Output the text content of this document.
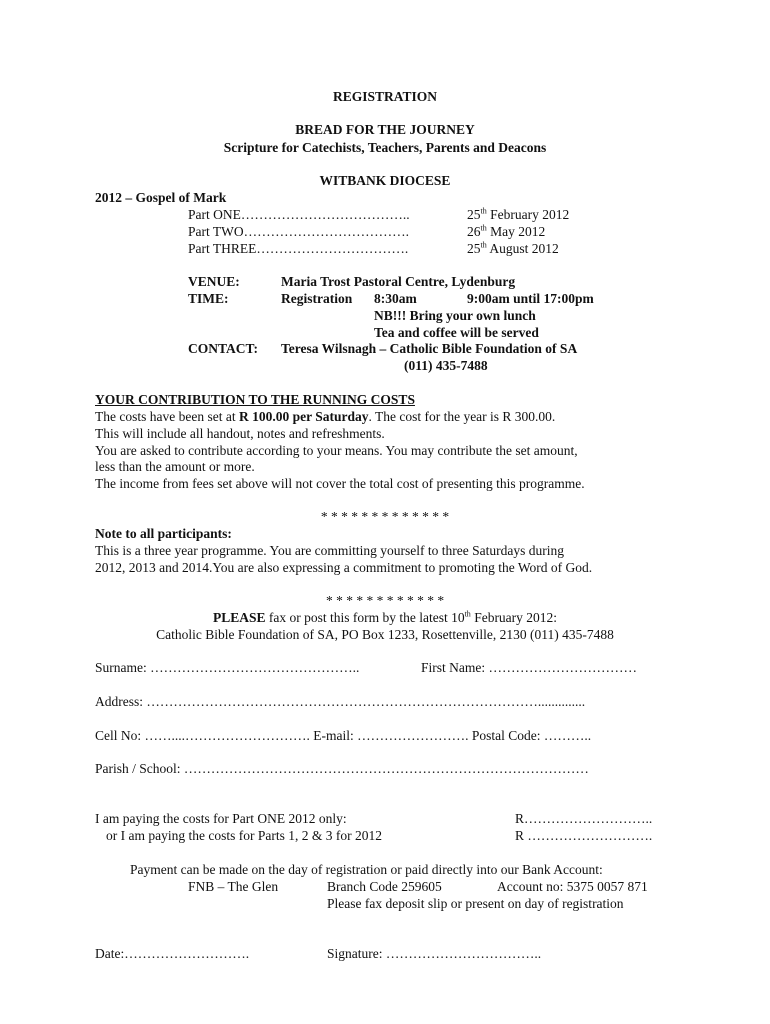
REGISTRATION
BREAD FOR THE JOURNEY
Scripture for Catechists, Teachers, Parents and Deacons
WITBANK DIOCESE
2012 – Gospel of Mark
Part ONE………………………………..	25th February 2012
Part TWO……………………………….	26th May 2012
Part THREE…………………………….	25th August 2012
VENUE:	Maria Trost Pastoral Centre, Lydenburg
TIME:	Registration 8:30am	9:00am until 17:00pm
NB!!! Bring your own lunch
Tea and coffee will be served
CONTACT: Teresa Wilsnagh – Catholic Bible Foundation of SA
(011) 435-7488
YOUR CONTRIBUTION TO THE RUNNING COSTS
The costs have been set at R 100.00 per Saturday. The cost for the year is R 300.00.
This will include all handout, notes and refreshments.
You are asked to contribute according to your means. You may contribute the set amount,
less than the amount or more.
The income from fees set above will not cover the total cost of presenting this programme.
* * * * * * * * * * * * *
Note to all participants:
This is a three year programme. You are committing yourself to three Saturdays during
2012, 2013 and 2014.You are also expressing a commitment to promoting the Word of God.
* * * * * * * * * * * *
PLEASE fax or post this form by the latest 10th February 2012:
Catholic Bible Foundation of SA, PO Box 1233, Rosettenville, 2130 (011) 435-7488
Surname: ………………………………………..	First Name: ……………………………
Address: ……………………………………………………………………………..............
Cell No: ……....………………………. E-mail: ……………………. Postal Code: ………..
Parish / School: ………………………………………………………………………………
I am paying the costs for Part ONE 2012 only:	R………………………..
or I am paying the costs for Parts 1, 2 & 3 for 2012	R ……………………….
Payment can be made on the day of registration or paid directly into our Bank Account:
FNB – The Glen	Branch Code 259605	Account no: 5375 0057 871
Please fax deposit slip or present on day of registration
Date:……………………….	Signature: ……………………………..
